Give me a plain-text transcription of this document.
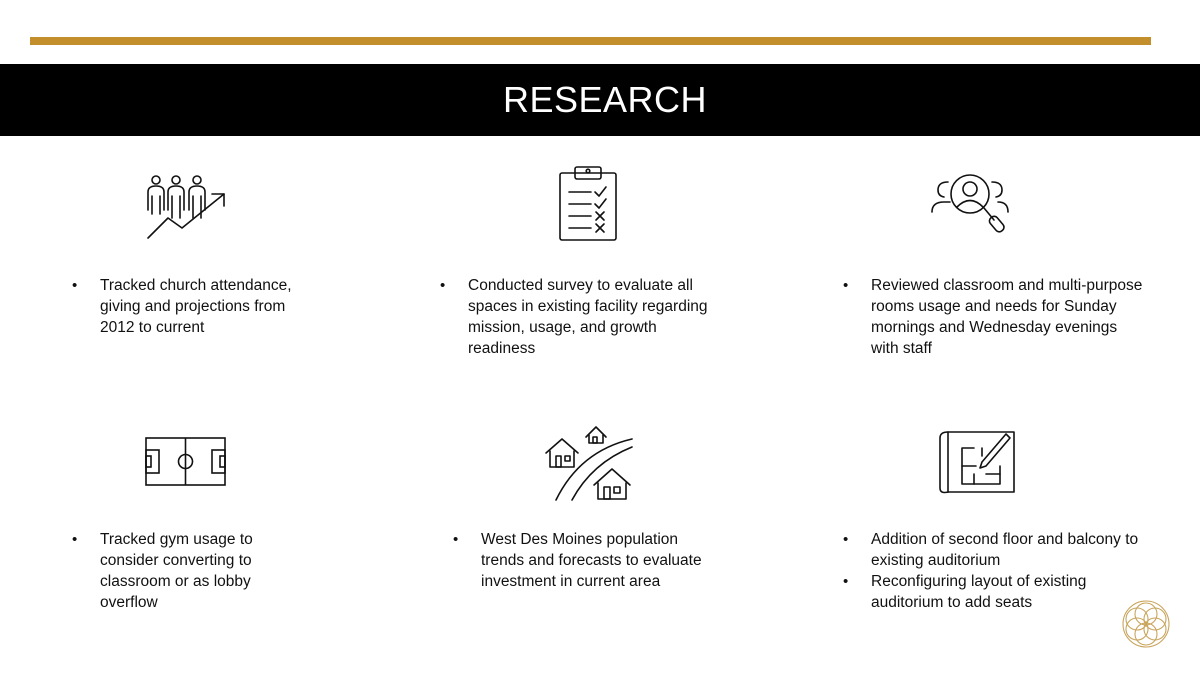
RESEARCH
• Tracked church attendance, giving and projections from 2012 to current
• Conducted survey to evaluate all spaces in existing facility regarding mission, usage, and growth readiness
• Reviewed classroom and multi-purpose rooms usage and needs for Sunday mornings and Wednesday evenings with staff
• Tracked gym usage to consider converting to classroom or as lobby overflow
• West Des Moines population trends and forecasts to evaluate investment in current area
• Addition of second floor and balcony to existing auditorium
• Reconfiguring layout of existing auditorium to add seats
